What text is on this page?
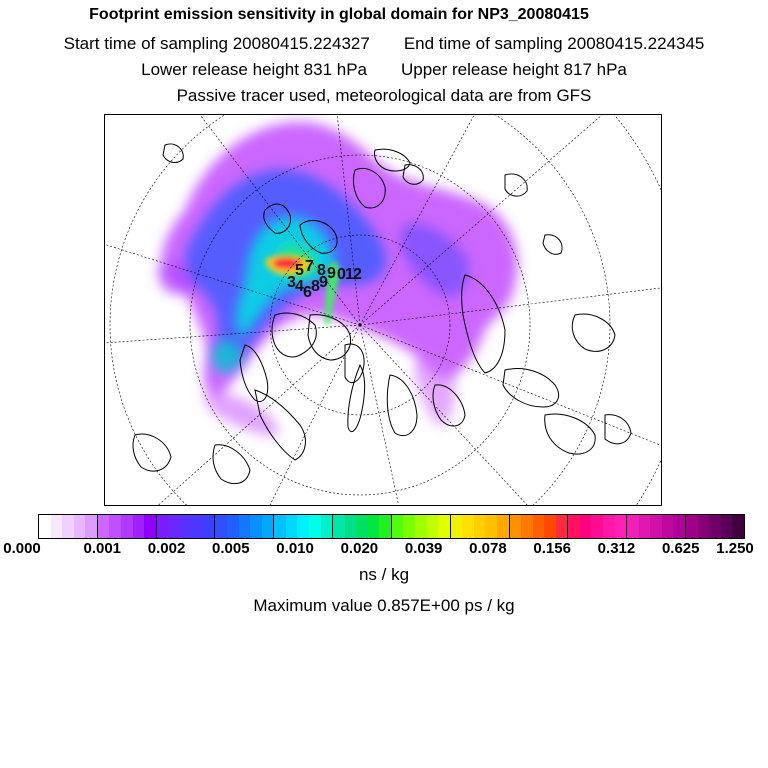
Footprint emission sensitivity in global domain for NP3_20080415
Start time of sampling 20080415.224327 End time of sampling 20080415.224345
Lower release height 831 hPa Upper release height 817 hPa
Passive tracer used, meteorological data are from GFS
5 7 8 9 0 1 2
3 4 6 8 9
0.000	0.001 0.002 0.005 0.010 0.020 0.039 0.078 0.156 0.312 0.625 1.250
ns / kg
Maximum value 0.857E+00 ps / kg
